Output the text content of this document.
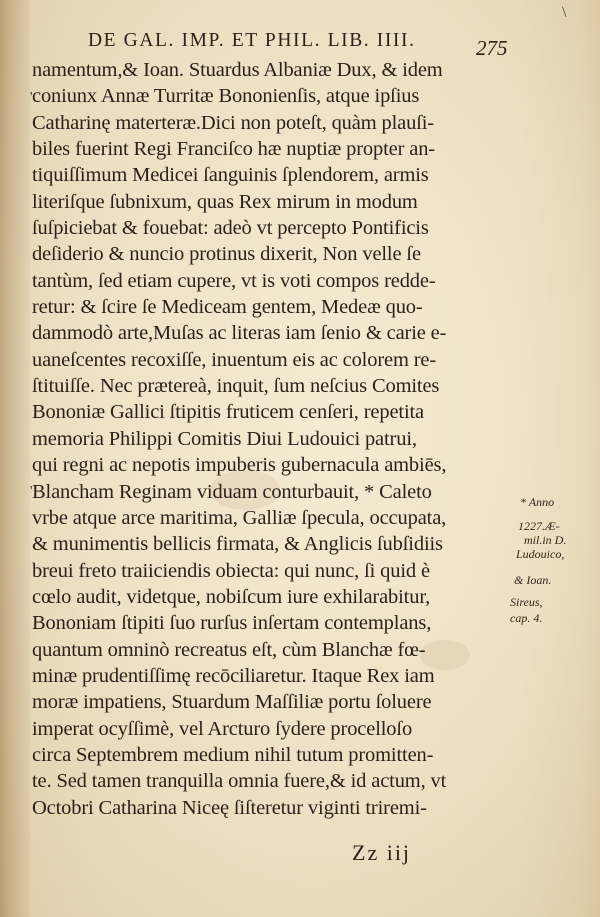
\
DE GAL. IMP. ET PHIL. LIB. IIII.	275
'
'
namentum,& Ioan. Stuardus Albaniæ Dux, & idem
coniunx Annæ Turritæ Bononienſis, atque ipſius
Catharinę materteræ.Dici non poteſt, quàm plauſi-
biles fuerint Regi Franciſco hæ nuptiæ propter an-
tiquiſſimum Medicei ſanguinis ſplendorem, armis
literiſque ſubnixum, quas Rex mirum in modum
ſuſpiciebat & fouebat: adeò vt percepto Pontificis
deſiderio & nuncio protinus dixerit, Non velle ſe
tantùm, ſed etiam cupere, vt is voti compos redde-
retur: & ſcire ſe Mediceam gentem, Medeæ quo-
dammodò arte,Muſas ac literas iam ſenio & carie e-
uaneſcentes recoxiſſe, inuentum eis ac colorem re-
ſtituiſſe. Nec prætereà, inquit, ſum neſcius Comites
Bononiæ Gallici ſtipitis fruticem cenſeri, repetita
memoria Philippi Comitis Diui Ludouici patrui,
qui regni ac nepotis impuberis gubernacula ambiēs,
Blancham Reginam viduam conturbauit, * Caleto
vrbe atque arce maritima, Galliæ ſpecula, occupata,
& munimentis bellicis firmata, & Anglicis ſubſidiis
breui freto traiiciendis obiecta: qui nunc, ſi quid è
cœlo audit, videtque, nobiſcum iure exhilarabitur,
Bononiam ſtipiti ſuo rurſus inſertam contemplans,
quantum omninò recreatus eſt, cùm Blanchæ fœ-
minæ prudentiſſimę recōciliaretur. Itaque Rex iam
moræ impatiens, Stuardum Maſſiliæ portu ſoluere
imperat ocyſſimè, vel Arcturo ſydere procelloſo
circa Septembrem medium nihil tutum promitten-
te. Sed tamen tranquilla omnia fuere,& id actum, vt
Octobri Catharina Niceę ſiſteretur viginti triremi-
* Anno
1227.Æ-
mil.in D.
Ludouico,
& Ioan.
Sireus,
cap. 4.
Zz iij
